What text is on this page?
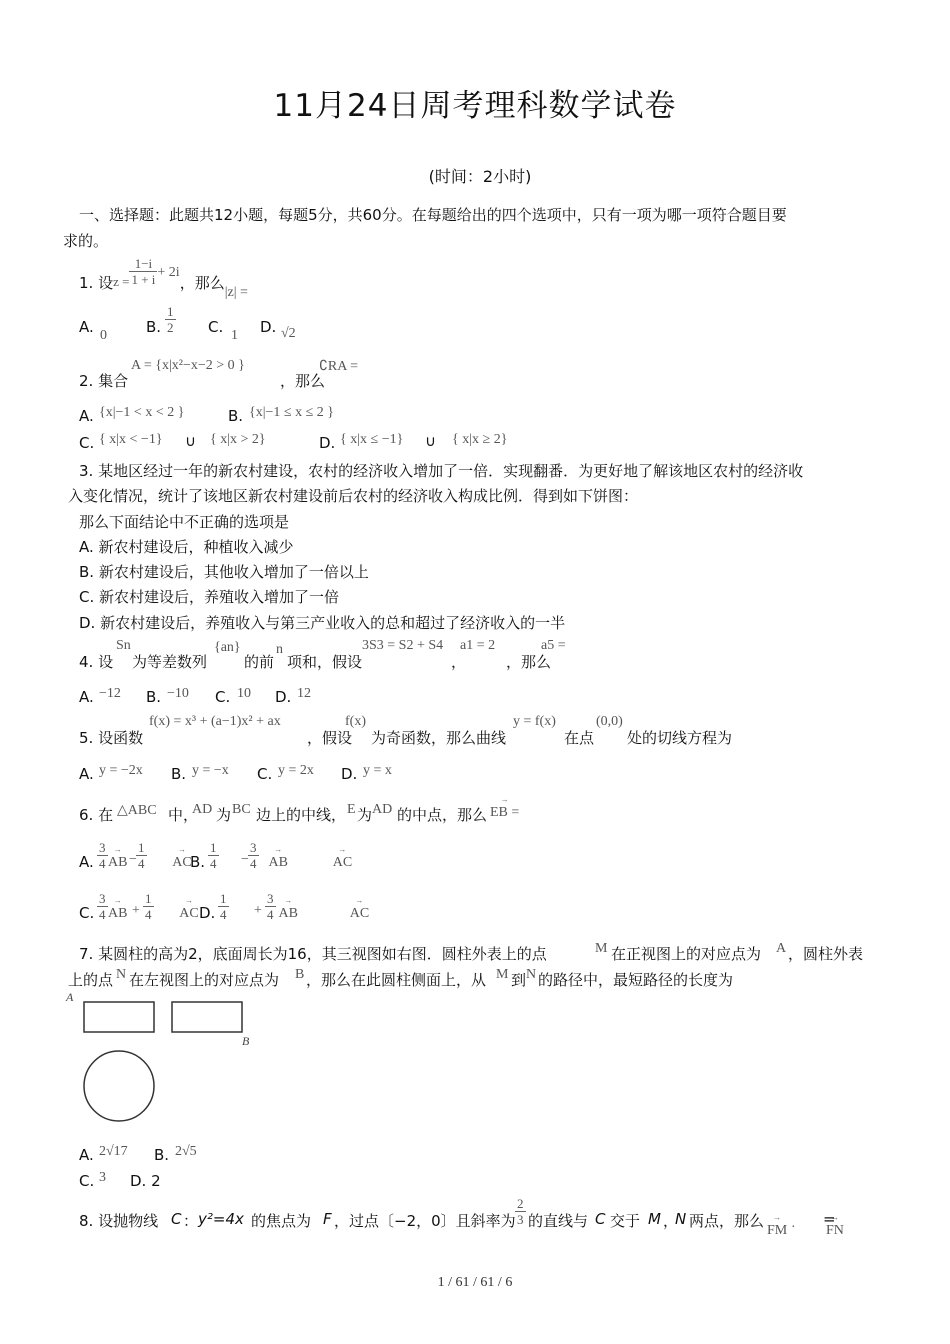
11月24日周考理科数学试卷
(时间：2小时)
一、选择题：此题共12小题，每题5分，共60分。在每题给出的四个选项中，只有一项为哪一项符合题目要
求的。
1. 设$z = \frac{1-i}{1 + i} + 2i$，那么|z| =
A. 0	B. $\frac{1}{2} C$. 1 D. √2
2. 集合
A = {x|x²−x−2 > 0 }
，那么
∁RA =
A. {x|−1 < x < 2 }	B. {x|−1 ≤ x ≤ 2 }
C. { x|x < −1} ∪ { x|x > 2}	D. { x|x ≤ −1} ∪ { x|x ≥ 2}
3. 某地区经过一年的新农村建设，农村的经济收入增加了一倍．实现翻番．为更好地了解该地区农村的经济收
入变化情况，统计了该地区新农村建设前后农村的经济收入构成比例．得到如下饼图：
那么下面结论中不正确的选项是
A. 新农村建设后，种植收入减少
B. 新农村建设后，其他收入增加了一倍以上
C. 新农村建设后，养殖收入增加了一倍
D. 新农村建设后，养殖收入与第三产业收入的总和超过了经济收入的一半
4. 设
Sn
为等差数列
{an}
的前
n
项和，假设
3S3 = S2 + S4
，
a1 = 2
，那么
a5 =
A. −12 B. −10 C. 10 D. 12
5. 设函数
f(x) = x³ + (a−1)x² + ax
，假设
f(x)
为奇函数，那么曲线
y = f(x)
在点
(0,0)
处的切线方程为
A. y = −2x B. y = −x C. y = 2x D. y = x
6. 在 △ABC 中，
AD 为 BC 边上的中线， E 为 AD 的中点，那么 → EB =
A. $\frac{3}{4}$ → AB − $\frac{1}{4}$ → AC
B. $\frac{1}{4}$	→ AB
− $\frac{3}{4}$	→ AC
C. $\frac{3}{4}$ → AB + $\frac{1}{4}$ → AC D. $\frac{1}{4}$	→ AB
+ $\frac{3}{4}$	→ AC
7. 某圆柱的高为2，底面周长为16，其三视图如右图．圆柱外表上的点	M 在正视图上的对应点为 A ，圆柱外表
上的点 N 在左视图上的对应点为 B ，那么在此圆柱侧面上，从 M 到 N 的路径中，最短路径的长度为
A
B
A. 2√17 B. 2√5
C. 3 D. 2
8. 设抛物线 C ： y²=4x 的焦点为 F ，过点〔−2，0〕且斜率为 $\frac{2}{3}$ 的直线与 C 交于 M ，
N 两点，那么
→ FM · → FN
=
1 / 61 / 61 / 6
